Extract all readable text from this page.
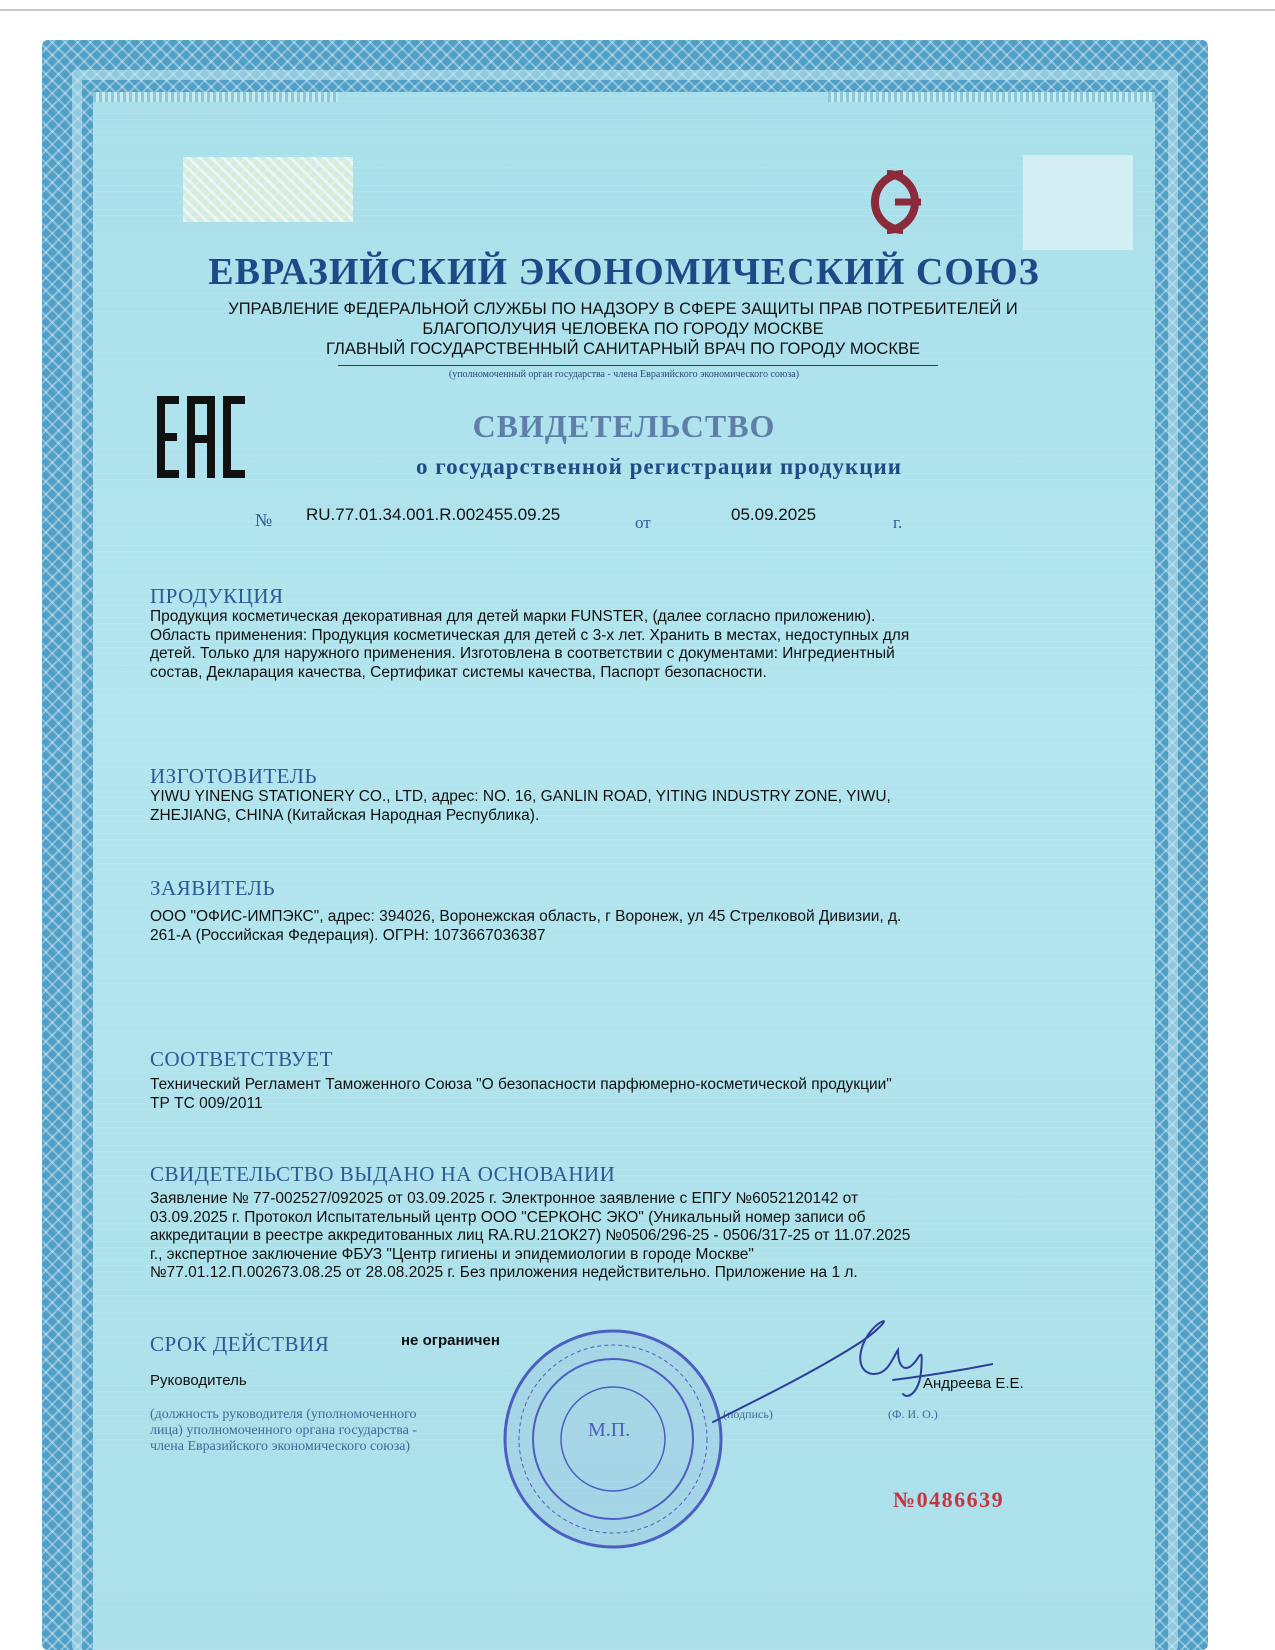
ЕВРАЗИЙСКИЙ ЭКОНОМИЧЕСКИЙ СОЮЗ
УПРАВЛЕНИЕ ФЕДЕРАЛЬНОЙ СЛУЖБЫ ПО НАДЗОРУ В СФЕРЕ ЗАЩИТЫ ПРАВ ПОТРЕБИТЕЛЕЙ И
БЛАГОПОЛУЧИЯ ЧЕЛОВЕКА ПО ГОРОДУ МОСКВЕ
ГЛАВНЫЙ ГОСУДАРСТВЕННЫЙ САНИТАРНЫЙ ВРАЧ ПО ГОРОДУ МОСКВЕ
(уполномоченный орган государства - члена Евразийского экономического союза)
СВИДЕТЕЛЬСТВО
о государственной регистрации продукции
№ RU.77.01.34.001.R.002455.09.25	от	05.09.2025	г.
ПРОДУКЦИЯ
Продукция косметическая декоративная для детей марки FUNSTER, (далее согласно приложению).
Область применения: Продукция косметическая для детей с 3-х лет. Хранить в местах, недоступных для
детей. Только для наружного применения. Изготовлена в соответствии с документами: Ингредиентный
состав, Декларация качества, Сертификат системы качества, Паспорт безопасности.
ИЗГОТОВИТЕЛЬ
YIWU YINENG STATIONERY CO., LTD, адрес: NO. 16, GANLIN ROAD, YITING INDUSTRY ZONE, YIWU,
ZHEJIANG, CHINA (Китайская Народная Республика).
ЗАЯВИТЕЛЬ
ООО "ОФИС-ИМПЭКС", адрес: 394026, Воронежская область, г Воронеж, ул 45 Стрелковой Дивизии, д.
261-А (Российская Федерация). ОГРН: 1073667036387
СООТВЕТСТВУЕТ
Технический Регламент Таможенного Союза "О безопасности парфюмерно-косметической продукции"
ТР ТС 009/2011
СВИДЕТЕЛЬСТВО ВЫДАНО НА ОСНОВАНИИ
Заявление № 77-002527/092025 от 03.09.2025 г. Электронное заявление с ЕПГУ №6052120142 от
03.09.2025 г. Протокол Испытательный центр ООО "СЕРКОНС ЭКО" (Уникальный номер записи об
аккредитации в реестре аккредитованных лиц RA.RU.21ОК27) №0506/296-25 - 0506/317-25 от 11.07.2025
г., экспертное заключение ФБУЗ "Центр гигиены и эпидемиологии в городе Москве"
№77.01.12.П.002673.08.25 от 28.08.2025 г. Без приложения недействительно. Приложение на 1 л.
СРОК ДЕЙСТВИЯ	не ограничен
Руководитель	Андреева Е.Е.
(должность руководителя (уполномоченного
лица) уполномоченного органа государства -
члена Евразийского экономического союза)
(подпись)	(Ф. И. О.)
М.П.
№0486639
